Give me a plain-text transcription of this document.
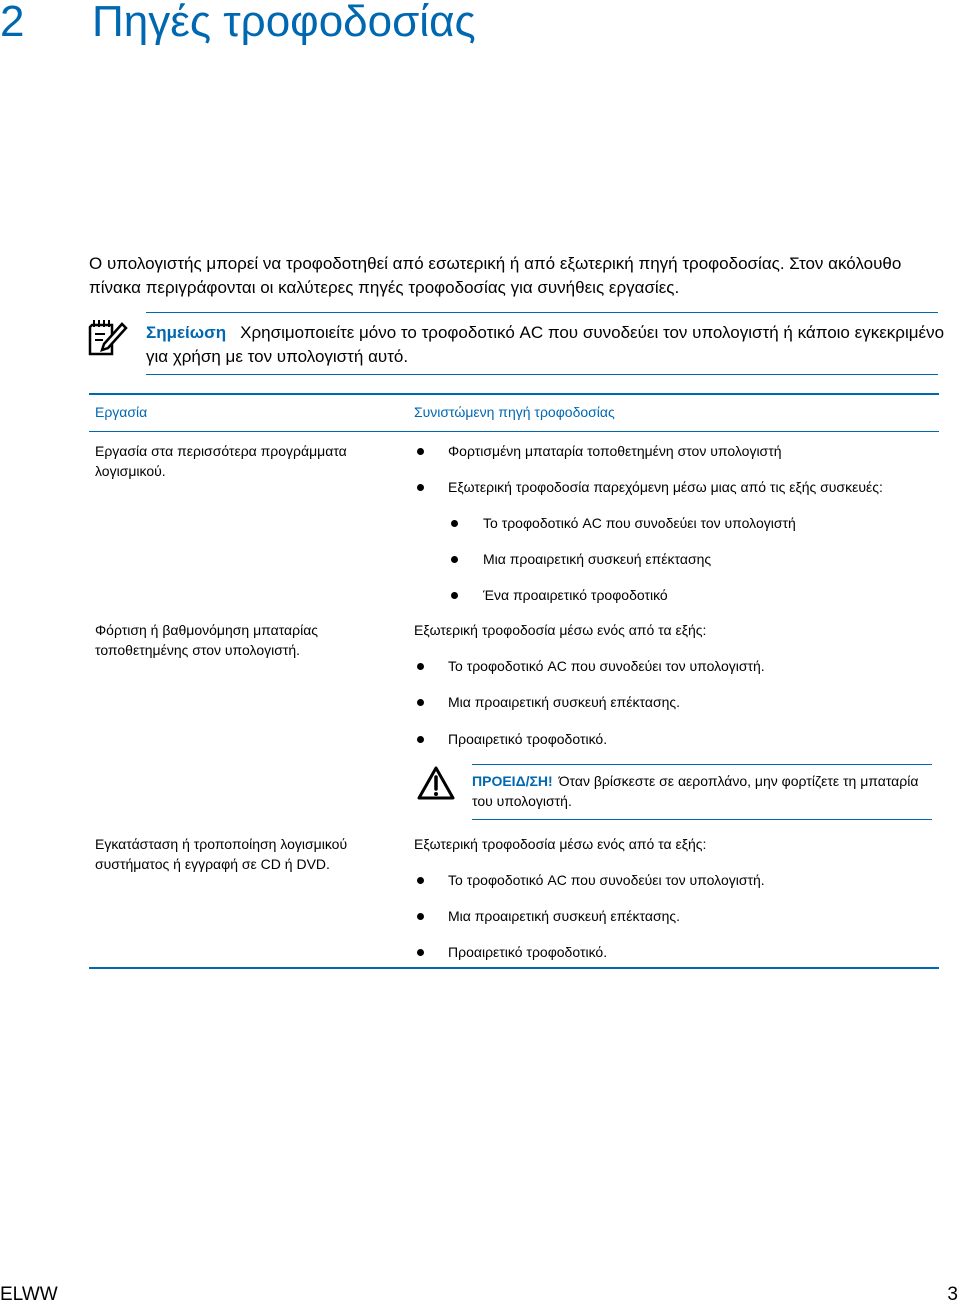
2 Πηγές τροφοδοσίας

Ο υπολογιστής μπορεί να τροφοδοτηθεί από εσωτερική ή από εξωτερική πηγή τροφοδοσίας. Στον ακόλουθο πίνακα περιγράφονται οι καλύτερες πηγές τροφοδοσίας για συνήθεις εργασίες.

Σημείωση Χρησιμοποιείτε μόνο το τροφοδοτικό AC που συνοδεύει τον υπολογιστή ή κάποιο εγκεκριμένο για χρήση με τον υπολογιστή αυτό.

Εργασία	Συνιστώμενη πηγή τροφοδοσίας

Εργασία στα περισσότερα προγράμματα λογισμικού.

Φορτισμένη μπαταρία τοποθετημένη στον υπολογιστή
Εξωτερική τροφοδοσία παρεχόμενη μέσω μιας από τις εξής συσκευές:
Το τροφοδοτικό AC που συνοδεύει τον υπολογιστή
Μια προαιρετική συσκευή επέκτασης
Ένα προαιρετικό τροφοδοτικό

Φόρτιση ή βαθμονόμηση μπαταρίας τοποθετημένης στον υπολογιστή.

Εξωτερική τροφοδοσία μέσω ενός από τα εξής:

Το τροφοδοτικό AC που συνοδεύει τον υπολογιστή.
Μια προαιρετική συσκευή επέκτασης.
Προαιρετικό τροφοδοτικό.

ΠΡΟΕΙΔ/ΣΗ! Όταν βρίσκεστε σε αεροπλάνο, μην φορτίζετε τη μπαταρία του υπολογιστή.

Εγκατάσταση ή τροποποίηση λογισμικού συστήματος ή εγγραφή σε CD ή DVD.

Εξωτερική τροφοδοσία μέσω ενός από τα εξής:

Το τροφοδοτικό AC που συνοδεύει τον υπολογιστή.
Μια προαιρετική συσκευή επέκτασης.
Προαιρετικό τροφοδοτικό.
ELWW	3
